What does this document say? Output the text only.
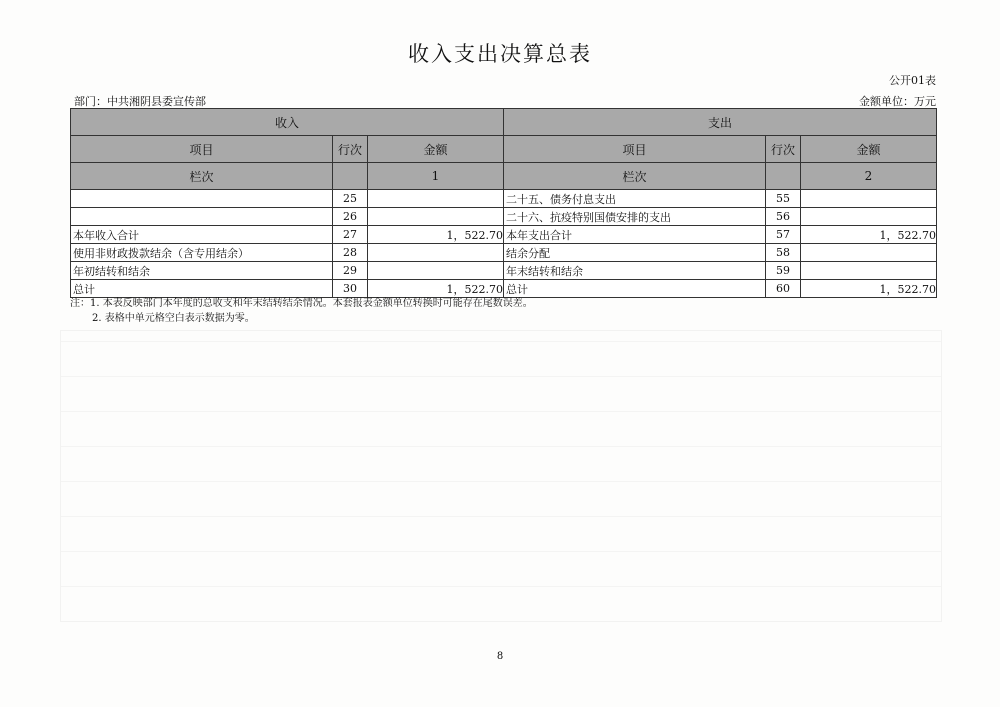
收入支出决算总表
公开01表
部门：中共湘阴县委宣传部	金额单位：万元
收入			支出		
项目	行次	金额	项目	行次	金额
栏次		1	栏次		2
	25		二十五、债务付息支出	55	
	26		二十六、抗疫特别国债安排的支出	56	
本年收入合计	27	1，522.70	本年支出合计	57	1，522.70
使用非财政拨款结余（含专用结余）	28		结余分配	58	
年初结转和结余	29		年末结转和结余	59	
总计	30	1，522.70	总计	60	1，522.70
注：1. 本表反映部门本年度的总收支和年末结转结余情况。本套报表金额单位转换时可能存在尾数误差。
2. 表格中单元格空白表示数据为零。
8
